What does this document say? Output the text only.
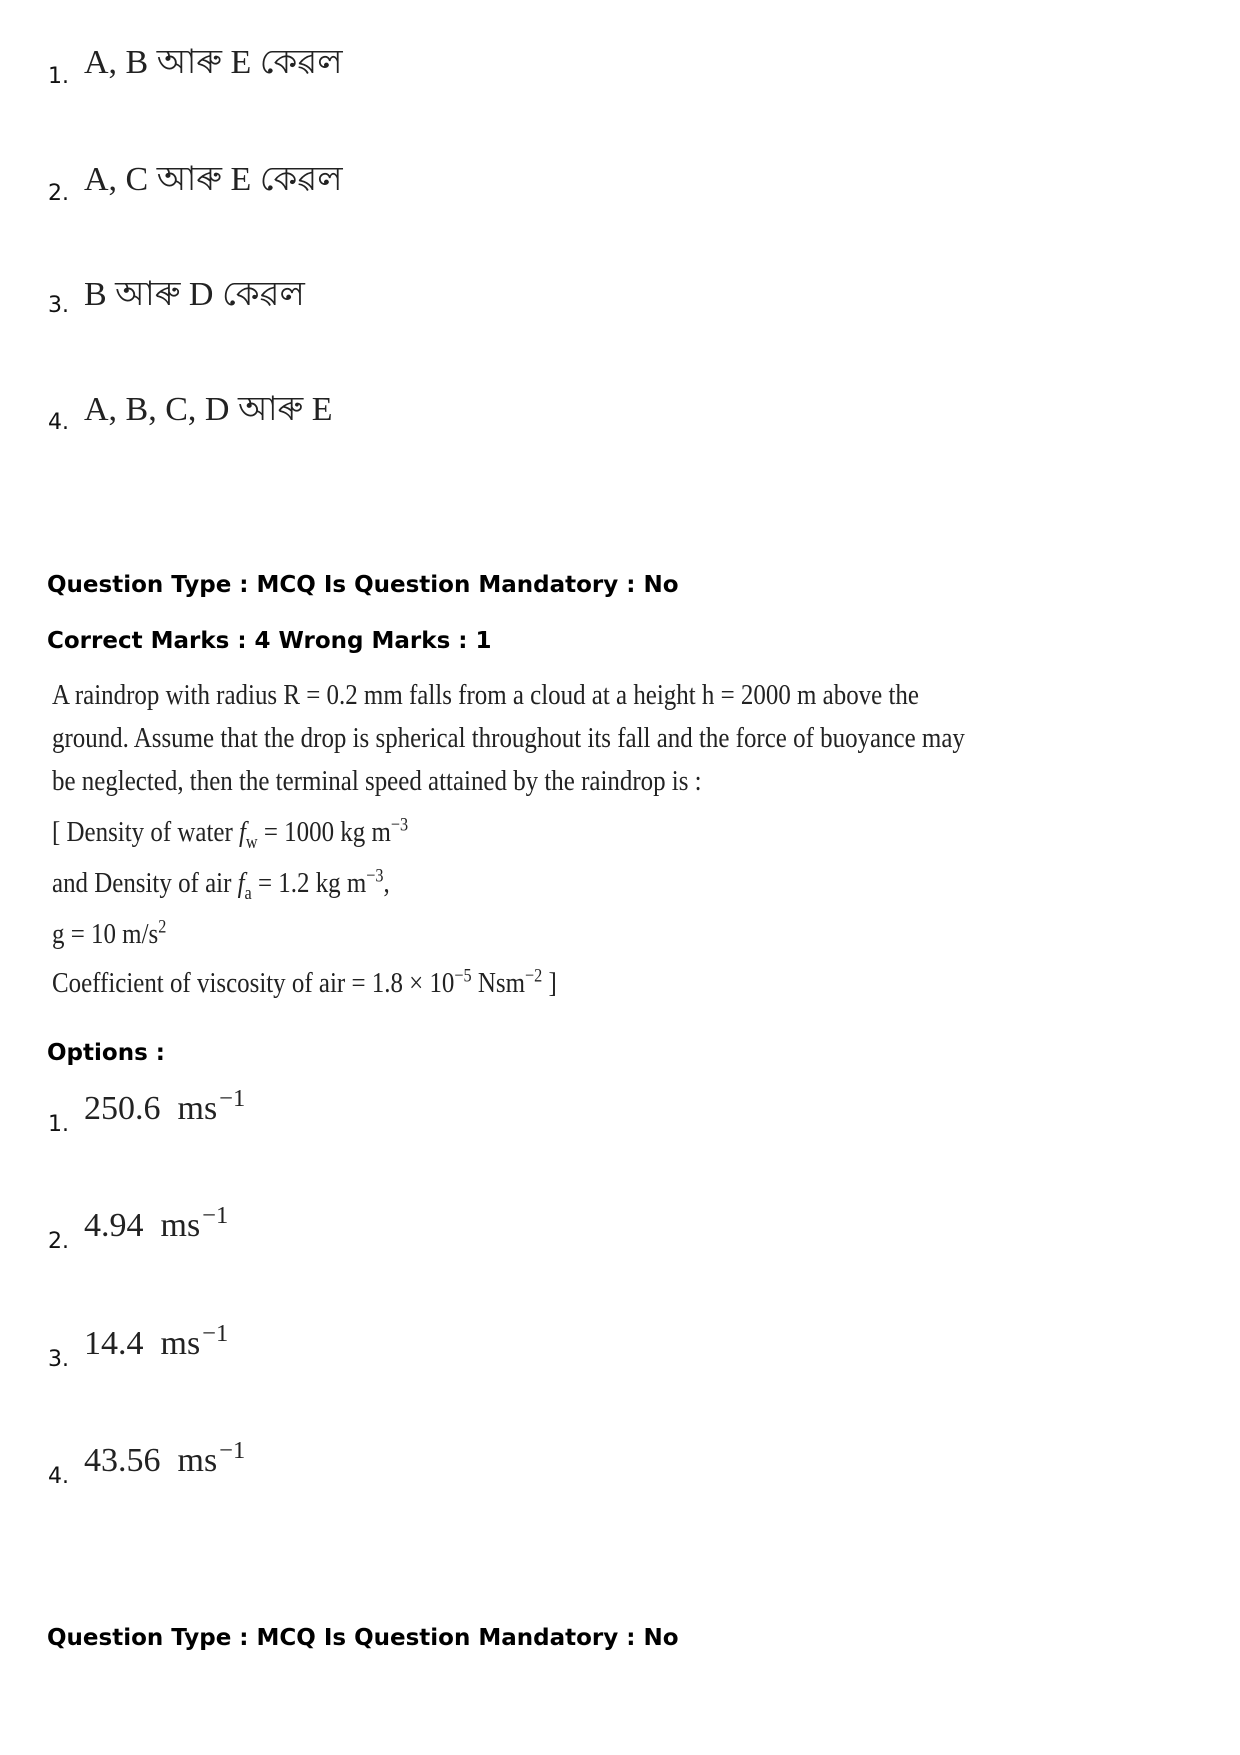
1. A, B আৰু E কেৱল
2. A, C আৰু E কেৱল
3. B আৰু D কেৱল
4. A, B, C, D আৰু E
Question Type : MCQ Is Question Mandatory : No
Correct Marks : 4 Wrong Marks : 1
A raindrop with radius R = 0.2 mm falls from a cloud at a height h = 2000 m above the
ground. Assume that the drop is spherical throughout its fall and the force of buoyance may
be neglected, then the terminal speed attained by the raindrop is :
[ Density of water $f_w = 1000$ kg $m^{-3}$
and Density of air $f_a = 1.2$ kg $m^{-3}$,
g = 10 $m/s^2$
Coefficient of viscosity of air = $1.8 \times 10^{-5}$ Nsm$^{-2}$ ]
Options :
1. 250.6 $ms^{-1}$
2. 4.94 $ms^{-1}$
3. 14.4 $ms^{-1}$
4. 43.56 $ms^{-1}$
Question Type : MCQ Is Question Mandatory : No
